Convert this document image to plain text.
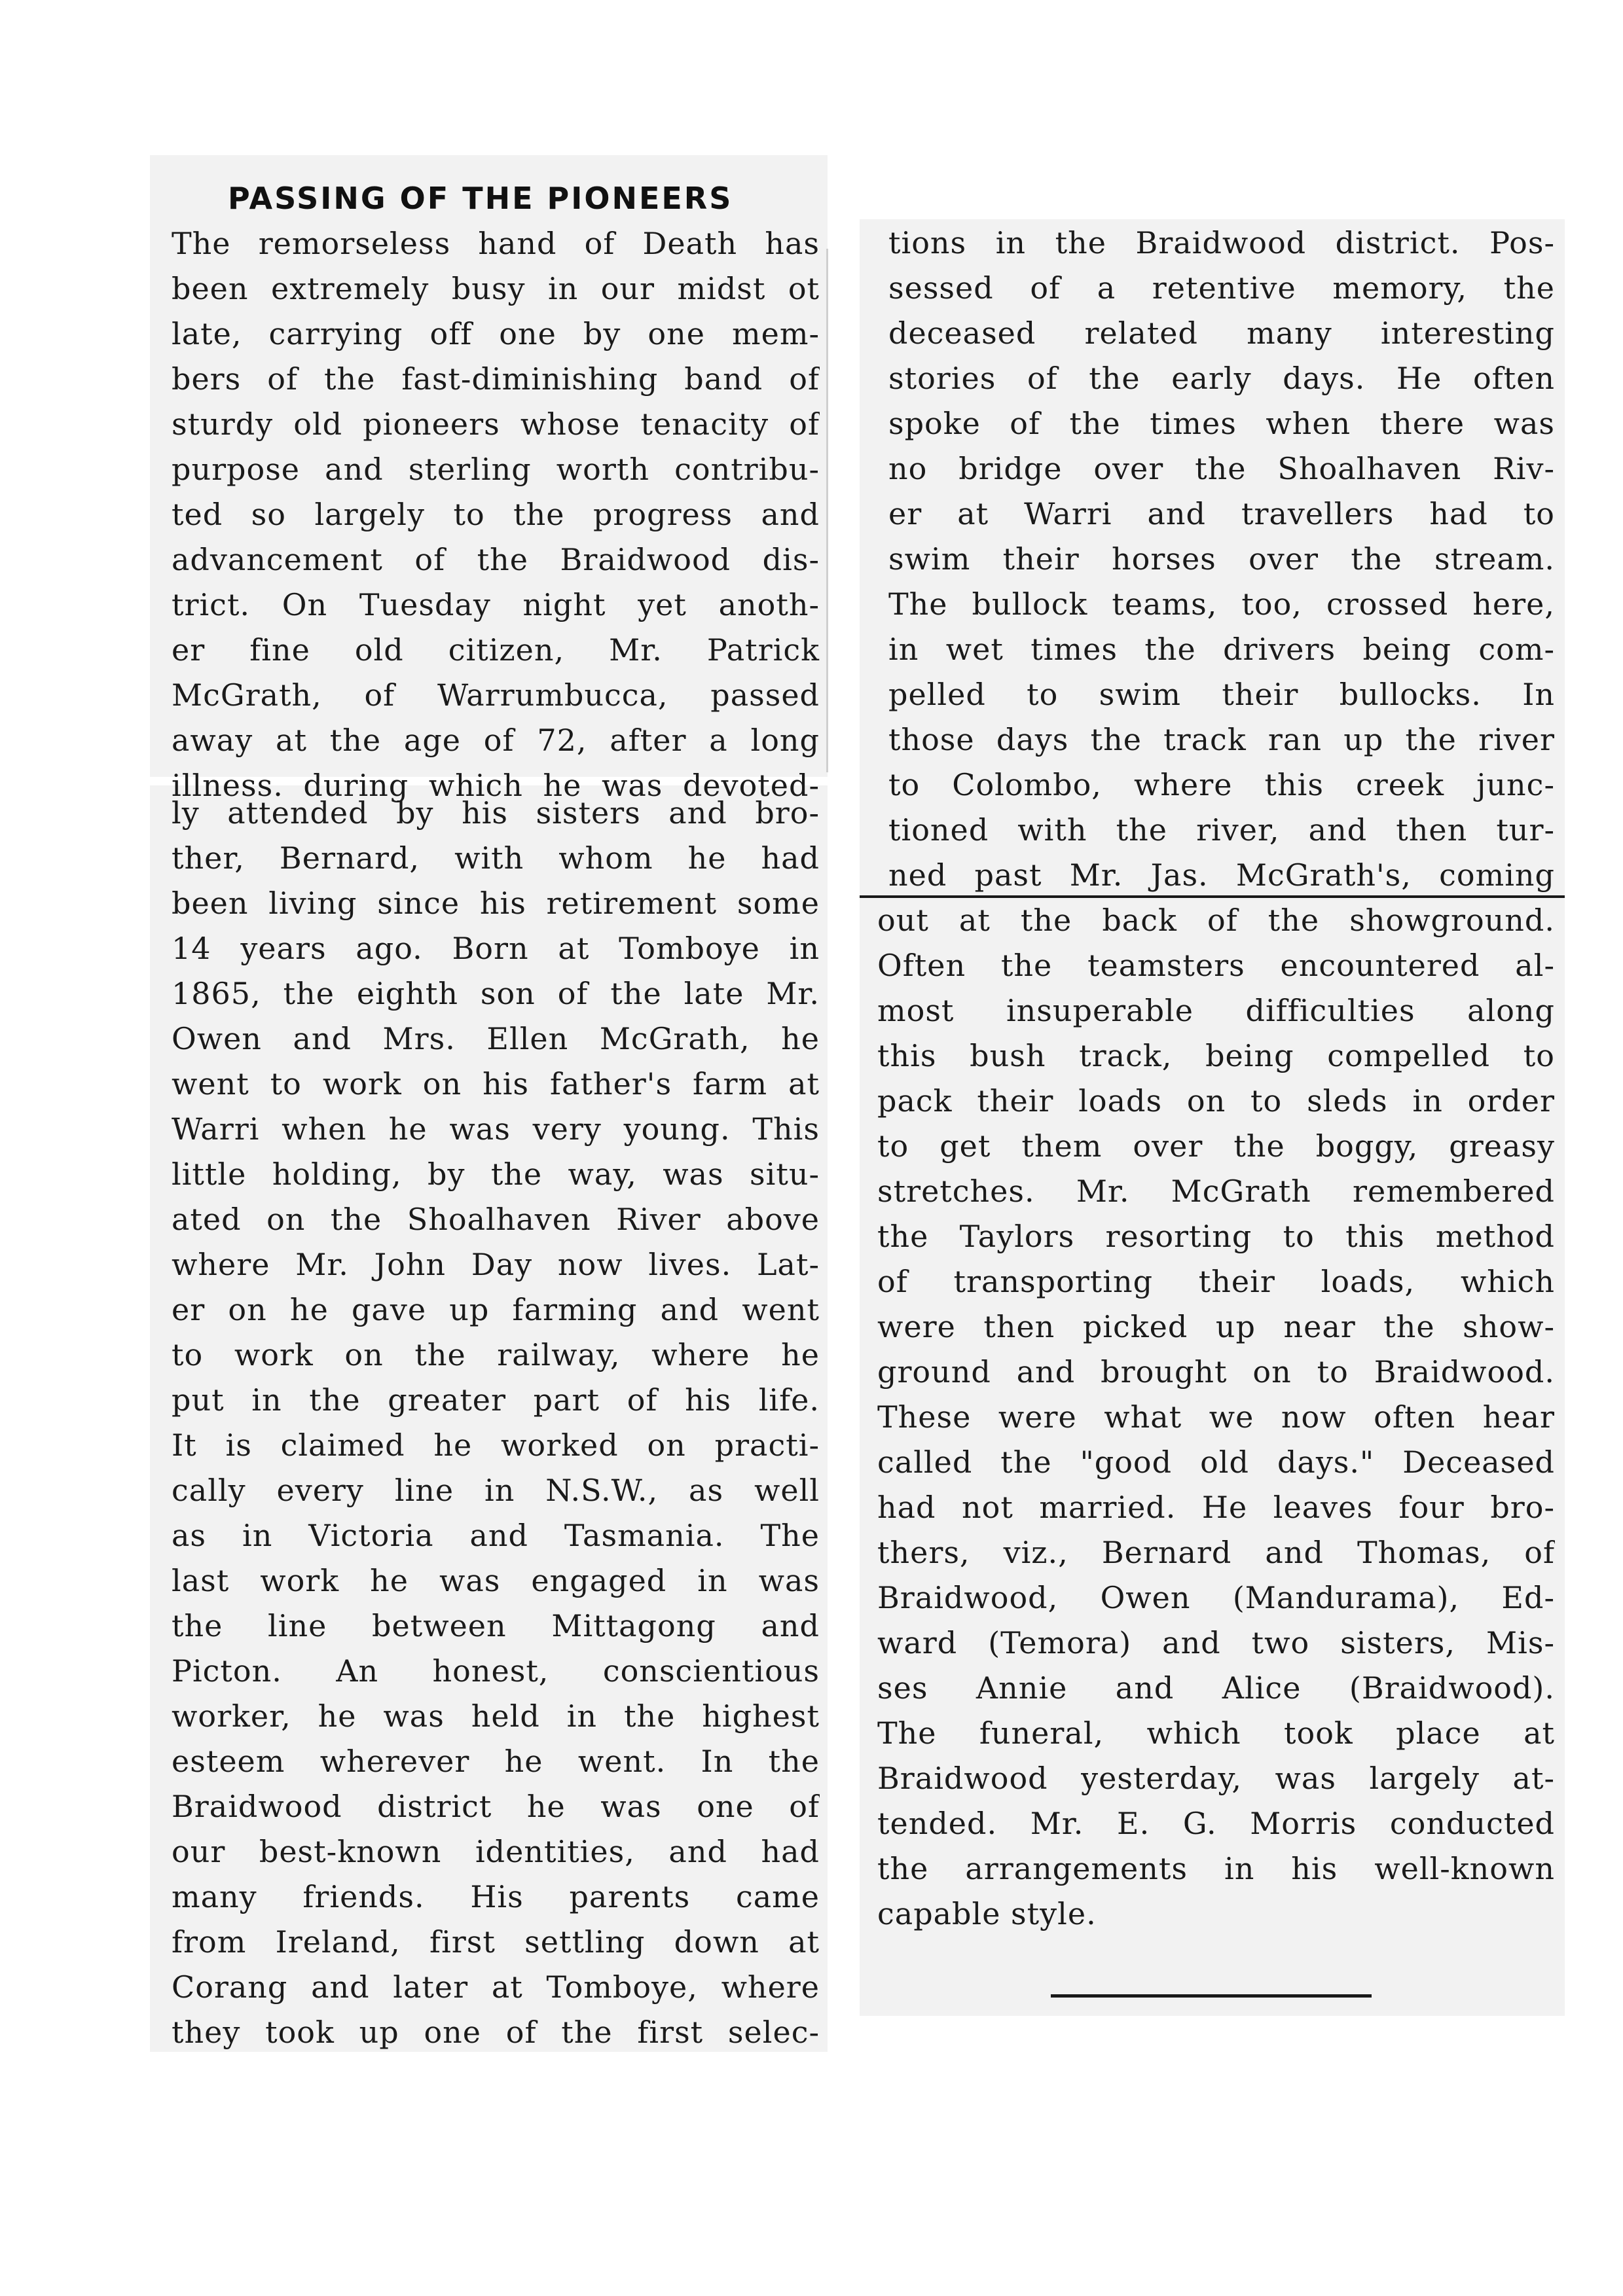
PASSING OF THE PIONEERS
The remorseless hand of Death has
been extremely busy in our midst ot
late, carrying off one by one mem-
bers of the fast-diminishing band of
sturdy old pioneers whose tenacity of
purpose and sterling worth contribu-
ted so largely to the progress and
advancement of the Braidwood dis-
trict. On Tuesday night yet anoth-
er fine old citizen, Mr. Patrick
McGrath, of Warrumbucca, passed
away at the age of 72, after a long
illness. during which he was devoted-
ly attended by his sisters and bro-
ther, Bernard, with whom he had
been living since his retirement some
14 years ago. Born at Tomboye in
1865, the eighth son of the late Mr.
Owen and Mrs. Ellen McGrath, he
went to work on his father's farm at
Warri when he was very young. This
little holding, by the way, was situ-
ated on the Shoalhaven River above
where Mr. John Day now lives. Lat-
er on he gave up farming and went
to work on the railway, where he
put in the greater part of his life.
It is claimed he worked on practi-
cally every line in N.S.W., as well
as in Victoria and Tasmania. The
last work he was engaged in was
the line between Mittagong and
Picton. An honest, conscientious
worker, he was held in the highest
esteem wherever he went. In the
Braidwood district he was one of
our best-known identities, and had
many friends. His parents came
from Ireland, first settling down at
Corang and later at Tomboye, where
they took up one of the first selec-
tions in the Braidwood district. Pos-
sessed of a retentive memory, the
deceased related many interesting
stories of the early days. He often
spoke of the times when there was
no bridge over the Shoalhaven Riv-
er at Warri and travellers had to
swim their horses over the stream.
The bullock teams, too, crossed here,
in wet times the drivers being com-
pelled to swim their bullocks. In
those days the track ran up the river
to Colombo, where this creek junc-
tioned with the river, and then tur-
ned past Mr. Jas. McGrath's, coming
out at the back of the showground.
Often the teamsters encountered al-
most insuperable difficulties along
this bush track, being compelled to
pack their loads on to sleds in order
to get them over the boggy, greasy
stretches. Mr. McGrath remembered
the Taylors resorting to this method
of transporting their loads, which
were then picked up near the show-
ground and brought on to Braidwood.
These were what we now often hear
called the "good old days." Deceased
had not married. He leaves four bro-
thers, viz., Bernard and Thomas, of
Braidwood, Owen (Mandurama), Ed-
ward (Temora) and two sisters, Mis-
ses Annie and Alice (Braidwood).
The funeral, which took place at
Braidwood yesterday, was largely at-
tended. Mr. E. G. Morris conducted
the arrangements in his well-known
capable style.
